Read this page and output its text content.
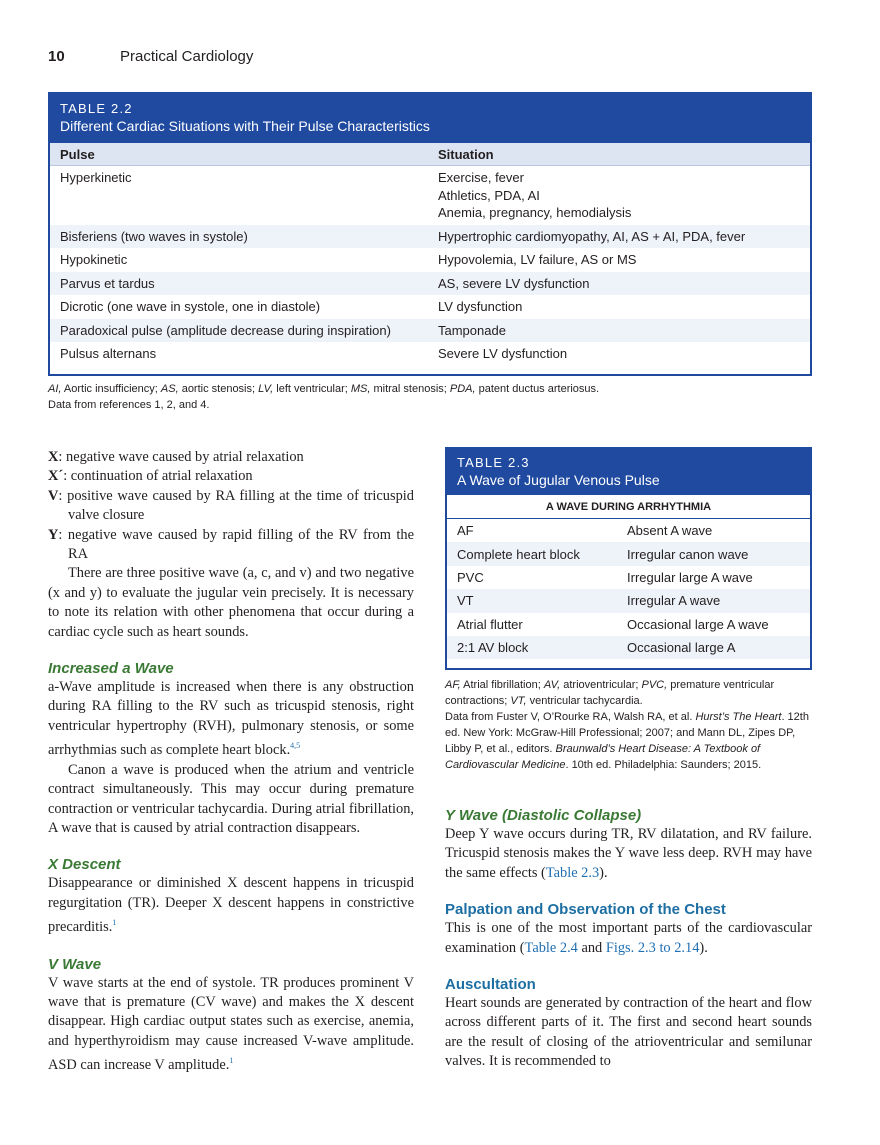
10	Practical Cardiology
TABLE 2.2
Different Cardiac Situations with Their Pulse Characteristics
Pulse	Situation
Hyperkinetic	Exercise, fever
Athletics, PDA, AI
Anemia, pregnancy, hemodialysis
Bisferiens (two waves in systole)	Hypertrophic cardiomyopathy, AI, AS + AI, PDA, fever
Hypokinetic	Hypovolemia, LV failure, AS or MS
Parvus et tardus	AS, severe LV dysfunction
Dicrotic (one wave in systole, one in diastole)	LV dysfunction
Paradoxical pulse (amplitude decrease during inspiration)	Tamponade
Pulsus alternans	Severe LV dysfunction
AI, Aortic insufficiency; AS, aortic stenosis; LV, left ventricular; MS, mitral stenosis; PDA, patent ductus arteriosus.
Data from references 1, 2, and 4.
X: negative wave caused by atrial relaxation
X´: continuation of atrial relaxation
V: positive wave caused by RA filling at the time of tricuspid valve closure
Y: negative wave caused by rapid filling of the RV from the RA

There are three positive wave (a, c, and v) and two negative (x and y) to evaluate the jugular vein precisely. It is necessary to note its relation with other phenomena that occur during a cardiac cycle such as heart sounds.

Increased a Wave

a-Wave amplitude is increased when there is any obstruction during RA filling to the RV such as tricuspid stenosis, right ventricular hypertrophy (RVH), pulmonary stenosis, or some arrhythmias such as complete heart block.$^{4,5}$

Canon a wave is produced when the atrium and ventricle contract simultaneously. This may occur during premature contraction or ventricular tachycardia. During atrial fibrillation, A wave that is caused by atrial contraction disappears.

X Descent

Disappearance or diminished X descent happens in tricuspid regurgitation (TR). Deeper X descent happens in constrictive precarditis.$^1$

V Wave

V wave starts at the end of systole. TR produces prominent V wave that is premature (CV wave) and makes the X descent disappear. High cardiac output states such as exercise, anemia, and hyperthyroidism may cause increased V-wave amplitude. ASD can increase V amplitude.$^1$

TABLE 2.3
A Wave of Jugular Venous Pulse
A WAVE DURING ARRHYTHMIA
AF	Absent A wave
Complete heart block	Irregular canon wave
PVC	Irregular large A wave
VT	Irregular A wave
Atrial flutter	Occasional large A wave
2:1 AV block	Occasional large A
AF, Atrial fibrillation; AV, atrioventricular; PVC, premature ventricular contractions; VT, ventricular tachycardia.
Data from Fuster V, O’Rourke RA, Walsh RA, et al. Hurst’s The Heart. 12th ed. New York: McGraw-Hill Professional; 2007; and Mann DL, Zipes DP, Libby P, et al., editors. Braunwald’s Heart Disease: A Textbook of Cardiovascular Medicine. 10th ed. Philadelphia: Saunders; 2015.
Y Wave (Diastolic Collapse)

Deep Y wave occurs during TR, RV dilatation, and RV failure. Tricuspid stenosis makes the Y wave less deep. RVH may have the same effects (Table 2.3).

Palpation and Observation of the Chest

This is one of the most important parts of the cardiovascular examination (Table 2.4 and Figs. 2.3 to 2.14).

Auscultation

Heart sounds are generated by contraction of the heart and flow across different parts of it. The first and second heart sounds are the result of closing of the atrioventricular and semilunar valves. It is recommended to
